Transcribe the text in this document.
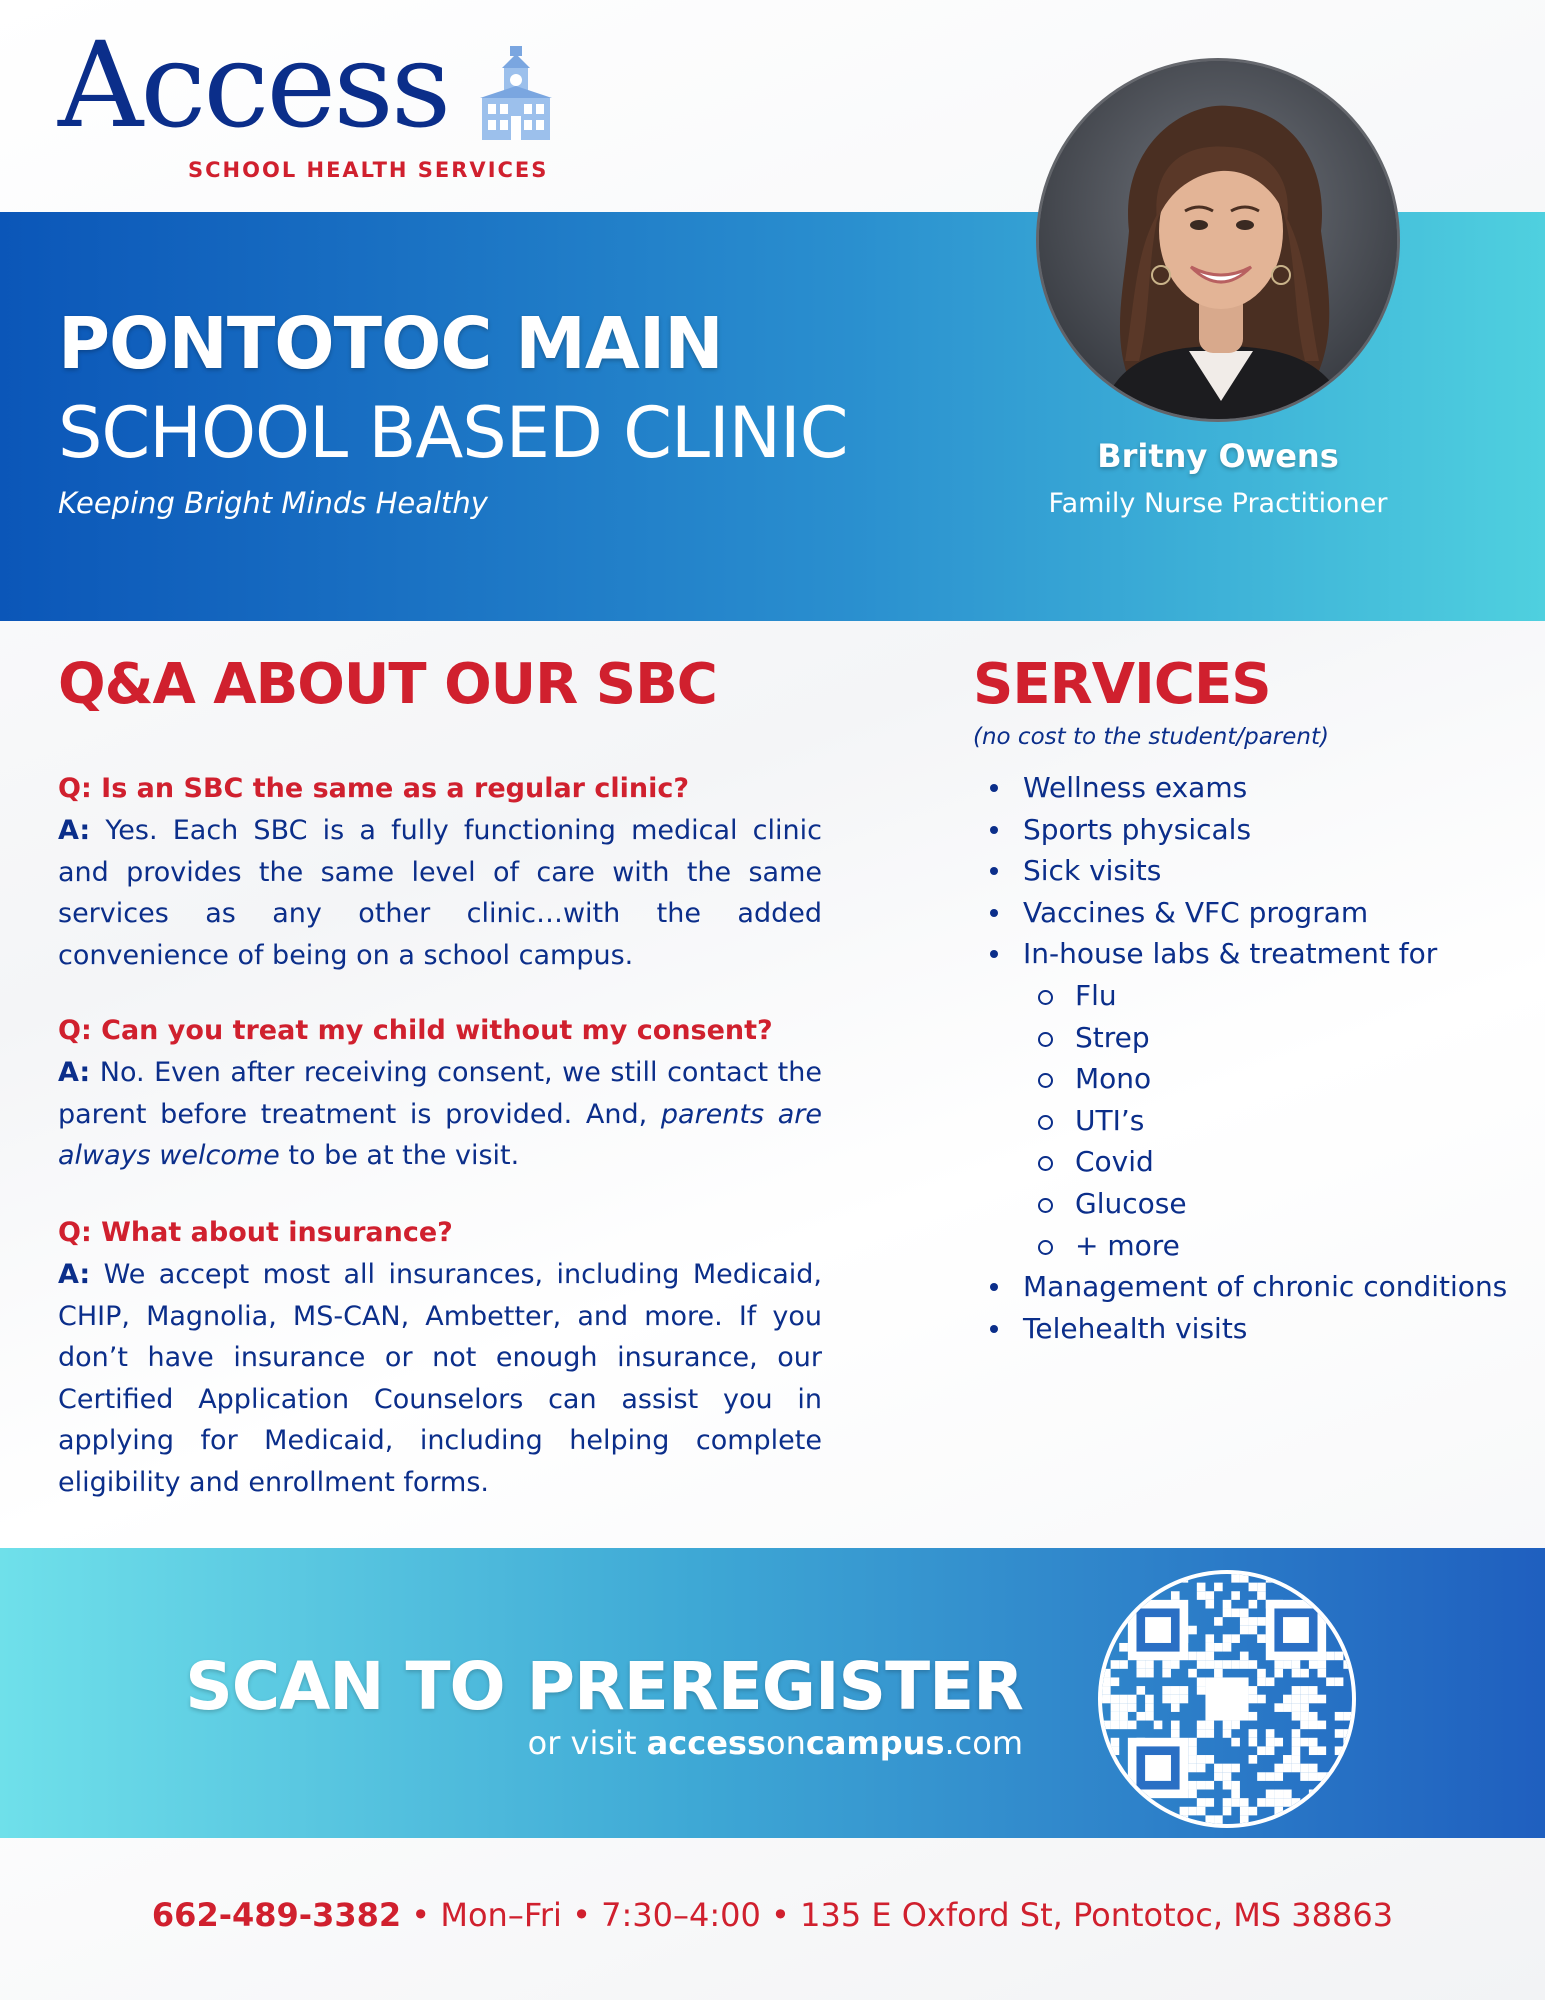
Access
SCHOOL HEALTH SERVICES
PONTOTOC MAIN
SCHOOL BASED CLINIC
Keeping Bright Minds Healthy
Britny Owens
Family Nurse Practitioner
Q&A ABOUT OUR SBC
Q: Is an SBC the same as a regular clinic?
A: Yes. Each SBC is a fully functioning medical clinic and provides the same level of care with the same services as any other clinic…with the added convenience of being on a school campus.
Q: Can you treat my child without my consent?
A: No. Even after receiving consent, we still contact the parent before treatment is provided. And, parents are always welcome to be at the visit.
Q: What about insurance?
A: We accept most all insurances, including Medicaid, CHIP, Magnolia, MS-CAN, Ambetter, and more. If you don’t have insurance or not enough insurance, our Certified Application Counselors can assist you in applying for Medicaid, including helping complete eligibility and enrollment forms.
SERVICES
(no cost to the student/parent)
Wellness exams
Sports physicals
Sick visits
Vaccines & VFC program
In-house labs & treatment for
Flu
Strep
Mono
UTI’s
Covid
Glucose
+ more
Management of chronic conditions
Telehealth visits
SCAN TO PREREGISTER
or visit accessoncampus.com
662-489-3382 • Mon–Fri • 7:30–4:00 • 135 E Oxford St, Pontotoc, MS 38863
